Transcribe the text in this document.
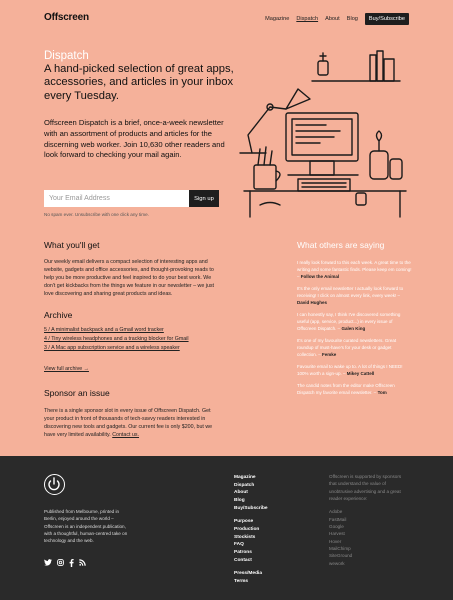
Offscreen	Magazine Dispatch About Blog	Buy/Subscribe
Dispatch
A hand-picked selection of great apps, accessories, and articles in your inbox every Tuesday.
Offscreen Dispatch is a brief, once-a-week newsletter with an assortment of products and articles for the discerning web worker. Join 10,630 other readers and look forward to checking your mail again.
Your Email Address	Sign up
No spam ever. Unsubscribe with one click any time.
What you'll get
Our weekly email delivers a compact selection of interesting apps and website, gadgets and office accessories, and thought-provoking reads to help you be more productive and feel inspired to do your best work. We don't get kickbacks from the things we feature in our newsletter – we just love discovering and sharing great products and ideas.
Archive
5 / A minimalist backpack and a Gmail word tracker
4 / Tiny wireless headphones and a tracking blocker for Gmail
3 / A Mac app subscription service and a wireless speaker
View full archive →
Sponsor an issue
There is a single sponsor slot in every issue of Offscreen Dispatch. Get your product in front of thousands of tech-savvy readers interested in discovering new tools and gadgets. Our current fee is only $200, but we have very limited availability. Contact us.
What others are saying
I really look forward to this each week. A great time to the writing and some fantastic finds. Please keep em coming! – Follow the Animal
It's the only email newsletter I actually look forward to receiving! I click on almost every link, every week! – David Hughes
I can honestly say, I think I've discovered something useful (app, service, product...) in every issue of Offscreen Dispatch. – Galen King
It's one of my favourite curated newsletters. Great roundup of must-have's for your desk or gadget collection. – Femke
Favourite email to wake up to. A lot of things I NEED! 100% worth a sign-up. – Mikey Cattell
The candid notes from the editor make Offscreen Dispatch my favorite email newsletter. – Tom
Published from Melbourne, printed in Berlin, enjoyed around the world – Offscreen is an independent publication, with a thoughtful, human-centred take on technology and the web.
Magazine
Dispatch
About
Blog
Buy/Subscribe
Purpose
Production
Stockists
FAQ
Patrons
Contact
Press/Media
Terms
Offscreen is supported by sponsors that understand the value of unobtrusive advertising and a great reader experience:
Adobe
FastMail
Google
Harvest
Hover
MailChimp
SiteGround
wework
